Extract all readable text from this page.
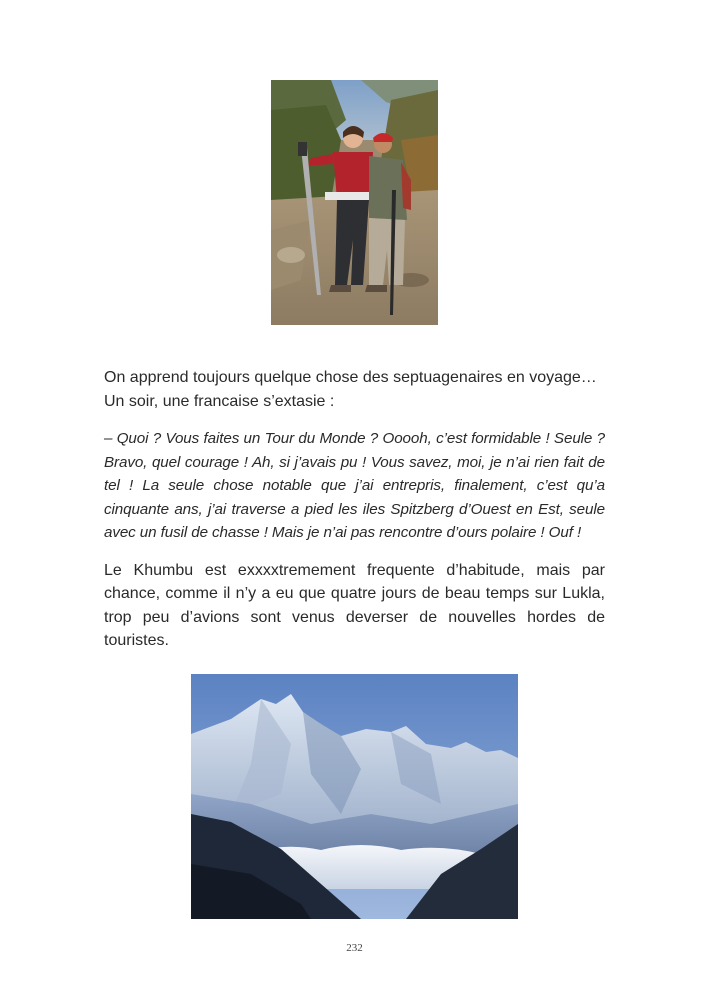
On apprend toujours quelque chose des septuagenaires en voyage… Un soir, une francaise s’extasie :

– Quoi ? Vous faites un Tour du Monde ? Ooooh, c’est formidable ! Seule ? Bravo, quel courage ! Ah, si j’avais pu ! Vous savez, moi, je n’ai rien fait de tel ! La seule chose notable que j’ai entrepris, finalement, c’est qu’a cinquante ans, j’ai traverse a pied les iles Spitzberg d’Ouest en Est, seule avec un fusil de chasse ! Mais je n’ai pas rencontre d’ours polaire ! Ouf !

Le Khumbu est exxxxtremement frequente d’habitude, mais par chance, comme il n’y a eu que quatre jours de beau temps sur Lukla, trop peu d’avions sont venus deverser de nouvelles hordes de touristes.

232
